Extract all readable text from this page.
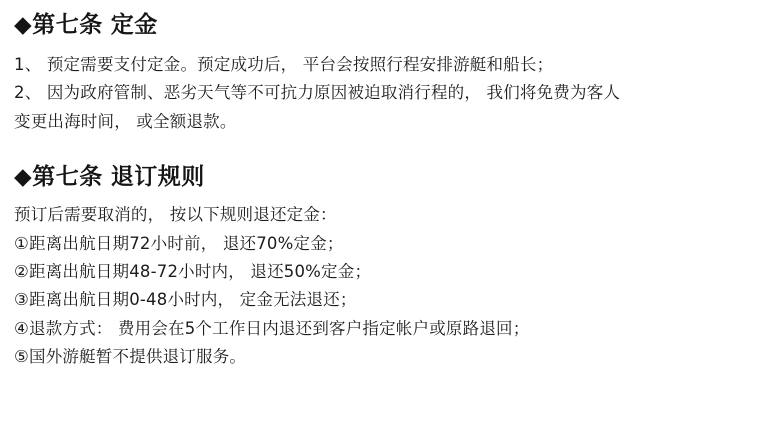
◆第七条 定金
1、 预定需要支付定金。预定成功后， 平台会按照行程安排游艇和船长；
2、 因为政府管制、恶劣天气等不可抗力原因被迫取消行程的， 我们将免费为客人
变更出海时间， 或全额退款。
◆第七条 退订规则
预订后需要取消的， 按以下规则退还定金：
①距离出航日期72小时前， 退还70%定金；
②距离出航日期48-72小时内， 退还50%定金；
③距离出航日期0-48小时内， 定金无法退还；
④退款方式： 费用会在5个工作日内退还到客户指定帐户或原路退回；
⑤国外游艇暂不提供退订服务。
